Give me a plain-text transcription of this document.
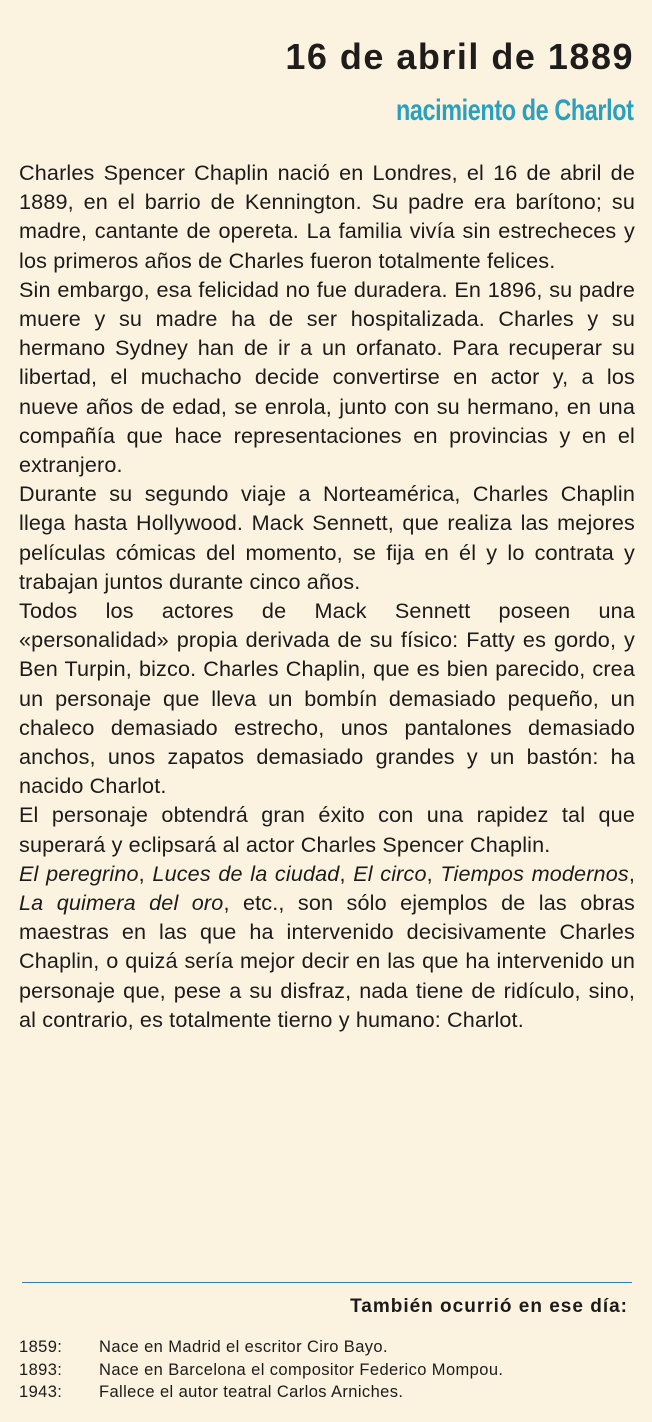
16 de abril de 1889
nacimiento de Charlot

Charles Spencer Chaplin nació en Londres, el 16 de abril de 1889, en el barrio de Kennington. Su padre era barítono; su madre, cantante de opereta. La familia vivía sin estrecheces y los primeros años de Charles fueron totalmente felices.

Sin embargo, esa felicidad no fue duradera. En 1896, su padre muere y su madre ha de ser hospitalizada. Charles y su hermano Sydney han de ir a un orfanato. Para recuperar su libertad, el muchacho decide convertirse en actor y, a los nueve años de edad, se enrola, junto con su hermano, en una compañía que hace representaciones en provincias y en el extranjero.

Durante su segundo viaje a Norteamérica, Charles Chaplin llega hasta Hollywood. Mack Sennett, que realiza las mejores películas cómicas del momento, se fija en él y lo contrata y trabajan juntos durante cinco años.

Todos los actores de Mack Sennett poseen una «personalidad» propia derivada de su físico: Fatty es gordo, y Ben Turpin, bizco. Charles Chaplin, que es bien parecido, crea un personaje que lleva un bombín demasiado pequeño, un chaleco demasiado estrecho, unos pantalones demasiado anchos, unos zapatos demasiado grandes y un bastón: ha nacido Charlot.

El personaje obtendrá gran éxito con una rapidez tal que superará y eclipsará al actor Charles Spencer Chaplin.

El peregrino, Luces de la ciudad, El circo, Tiempos modernos, La quimera del oro, etc., son sólo ejemplos de las obras maestras en las que ha intervenido decisivamente Charles Chaplin, o quizá sería mejor decir en las que ha intervenido un personaje que, pese a su disfraz, nada tiene de ridículo, sino, al contrario, es totalmente tierno y humano: Charlot.

También ocurrió en ese día:
1859:	Nace en Madrid el escritor Ciro Bayo.
1893:	Nace en Barcelona el compositor Federico Mompou.
1943:	Fallece el autor teatral Carlos Arniches.
